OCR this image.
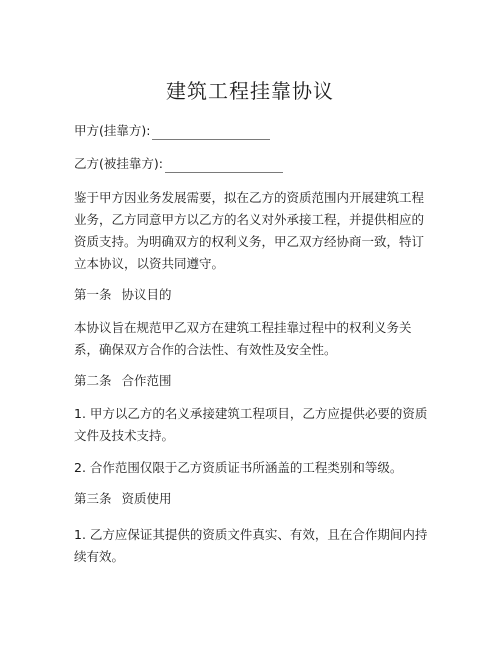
建筑工程挂靠协议
甲方(挂靠方):
乙方(被挂靠方):
鉴于甲方因业务发展需要，拟在乙方的资质范围内开展建筑工程业务，乙方同意甲方以乙方的名义对外承接工程，并提供相应的资质支持。为明确双方的权利义务，甲乙双方经协商一致，特订立本协议，以资共同遵守。
第一条 协议目的
本协议旨在规范甲乙双方在建筑工程挂靠过程中的权利义务关系，确保双方合作的合法性、有效性及安全性。
第二条 合作范围
1. 甲方以乙方的名义承接建筑工程项目，乙方应提供必要的资质文件及技术支持。
2. 合作范围仅限于乙方资质证书所涵盖的工程类别和等级。
第三条 资质使用
1. 乙方应保证其提供的资质文件真实、有效，且在合作期间内持续有效。
